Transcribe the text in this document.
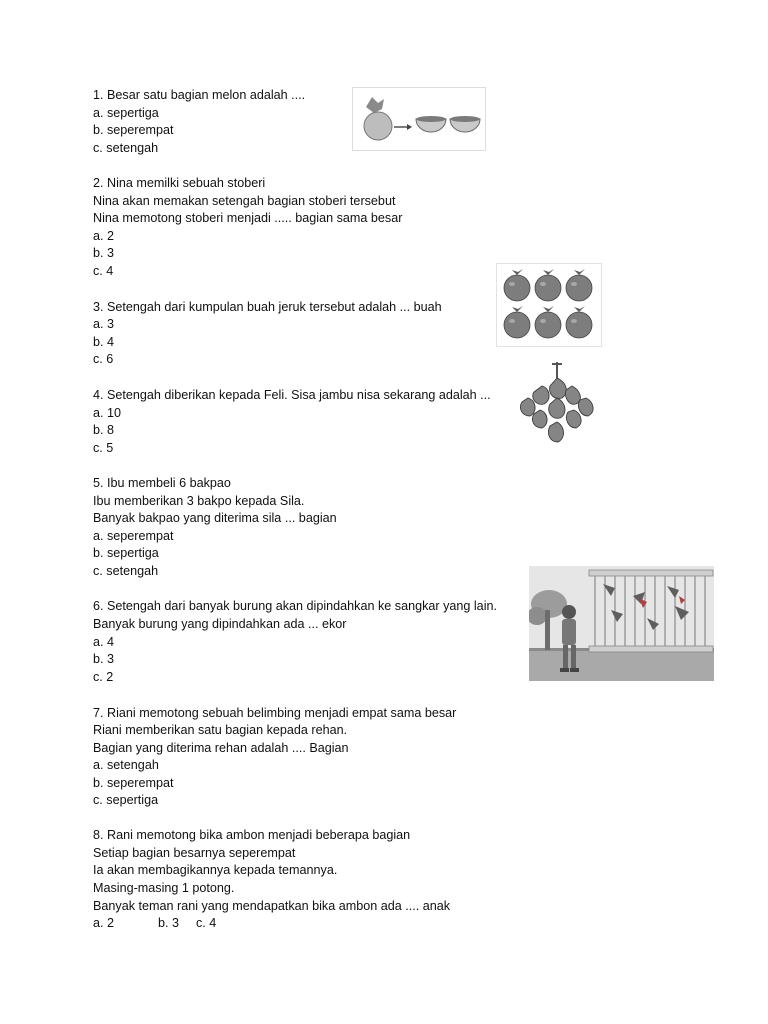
1. Besar satu bagian melon adalah ....
a. sepertiga
b. seperempat
c. setengah
2. Nina memilki sebuah stoberi
Nina akan memakan setengah bagian stoberi tersebut
Nina memotong stoberi menjadi ..... bagian sama besar
a. 2
b. 3
c. 4
3. Setengah dari kumpulan buah jeruk tersebut adalah ... buah
a. 3
b. 4
c. 6
4. Setengah diberikan kepada Feli. Sisa jambu nisa sekarang adalah ...
a. 10
b. 8
c. 5
5. Ibu membeli 6 bakpao
Ibu memberikan 3 bakpo kepada Sila.
Banyak bakpao yang diterima sila ... bagian
a. seperempat
b. sepertiga
c. setengah
6. Setengah dari banyak burung akan dipindahkan ke sangkar yang lain.
Banyak burung yang dipindahkan ada ... ekor
a. 4
b. 3
c. 2
7. Riani memotong sebuah belimbing menjadi empat sama besar
Riani memberikan satu bagian kepada rehan.
Bagian yang diterima rehan adalah .... Bagian
a. setengah
b. seperempat
c. sepertiga
8. Rani memotong bika ambon menjadi beberapa bagian
Setiap bagian besarnya seperempat
Ia akan membagikannya kepada temannya.
Masing-masing 1 potong.
Banyak teman rani yang mendapatkan bika ambon ada .... anak
a. 2	b. 3 c. 4
